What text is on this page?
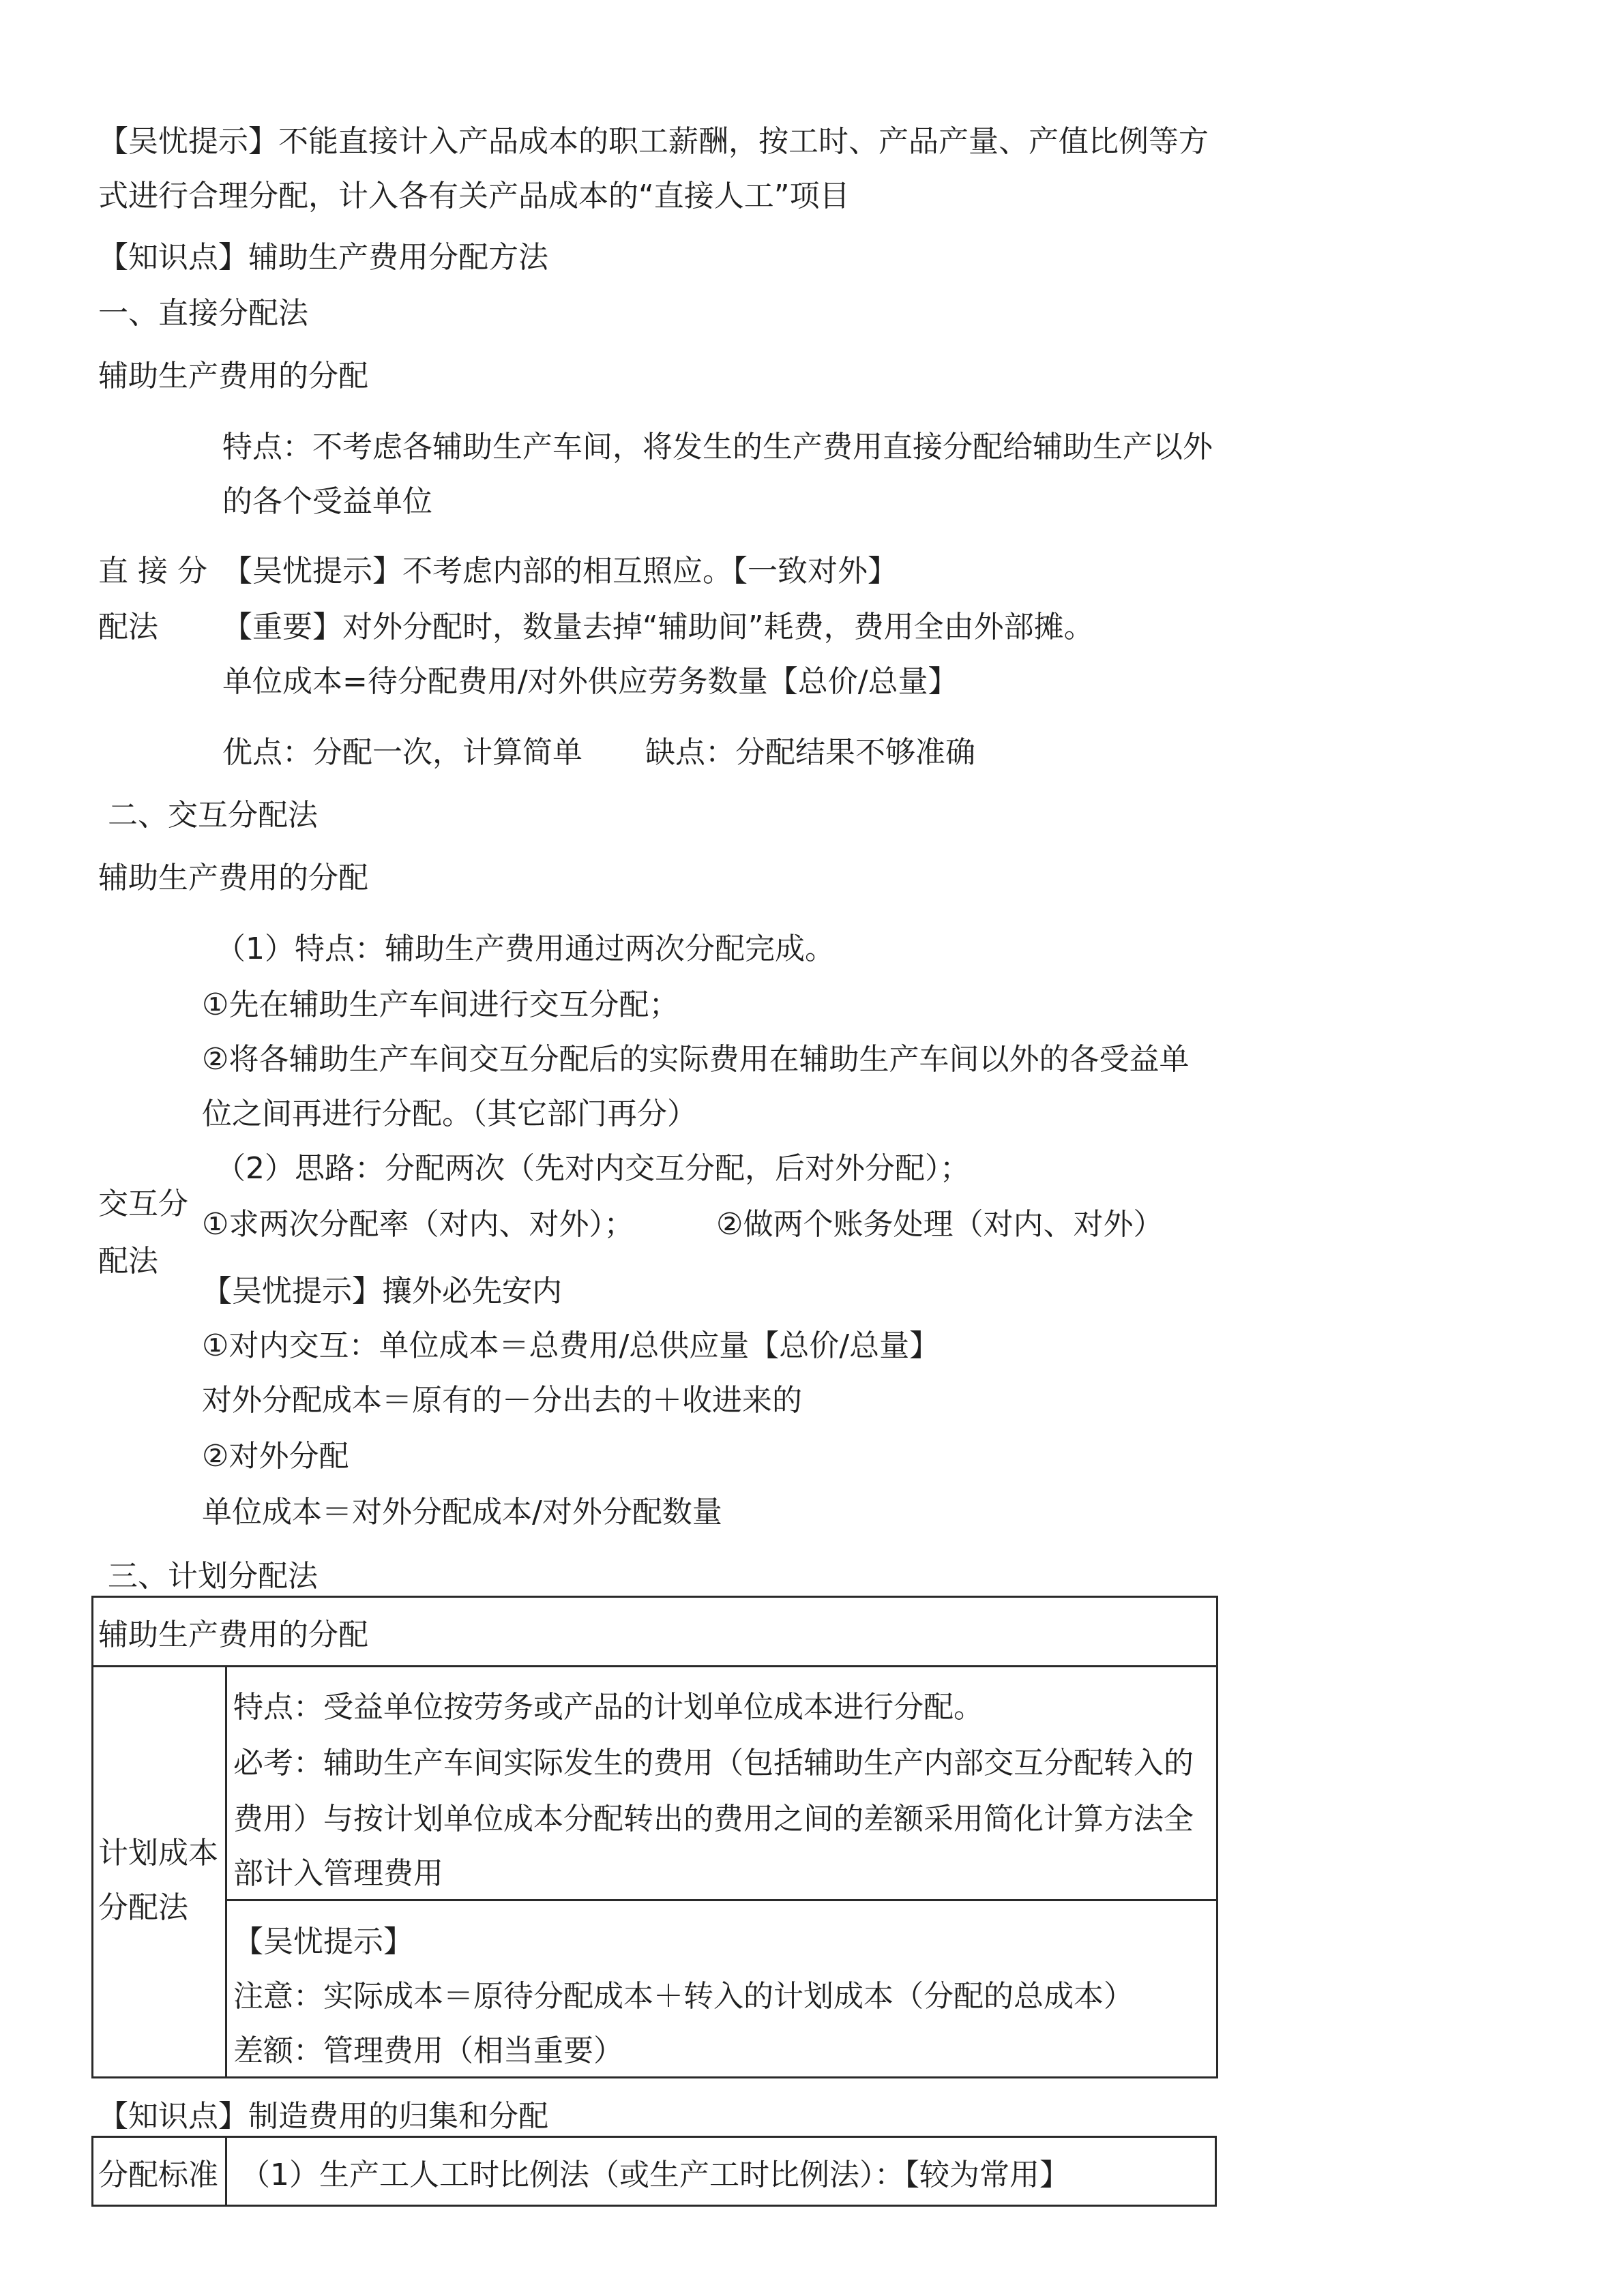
【吴忧提示】不能直接计入产品成本的职工薪酬，按工时、产品产量、产值比例等方
式进行合理分配，计入各有关产品成本的“直接人工”项目
【知识点】辅助生产费用分配方法
一、直接分配法
辅助生产费用的分配
特点：不考虑各辅助生产车间，将发生的生产费用直接分配给辅助生产以外
的各个受益单位
直 接 分
配法
【吴忧提示】不考虑内部的相互照应。【一致对外】
【重要】对外分配时，数量去掉“辅助间”耗费，费用全由外部摊。
单位成本=待分配费用/对外供应劳务数量【总价/总量】
优点：分配一次，计算简单 缺点：分配结果不够准确
二、交互分配法
辅助生产费用的分配
（1）特点：辅助生产费用通过两次分配完成。
①先在辅助生产车间进行交互分配；
②将各辅助生产车间交互分配后的实际费用在辅助生产车间以外的各受益单
位之间再进行分配。（其它部门再分）
（2）思路：分配两次（先对内交互分配，后对外分配）；
交互分
配法
①求两次分配率（对内、对外）；	②做两个账务处理（对内、对外）
【吴忧提示】攘外必先安内
①对内交互：单位成本＝总费用/总供应量【总价/总量】
对外分配成本＝原有的－分出去的＋收进来的
②对外分配
单位成本＝对外分配成本/对外分配数量
三、计划分配法
辅助生产费用的分配
计划成本
分配法
特点：受益单位按劳务或产品的计划单位成本进行分配。
必考：辅助生产车间实际发生的费用（包括辅助生产内部交互分配转入的
费用）与按计划单位成本分配转出的费用之间的差额采用简化计算方法全
部计入管理费用
【吴忧提示】
注意：实际成本＝原待分配成本＋转入的计划成本（分配的总成本）
差额：管理费用（相当重要）
【知识点】制造费用的归集和分配
分配标准 （1）生产工人工时比例法（或生产工时比例法）：【较为常用】
